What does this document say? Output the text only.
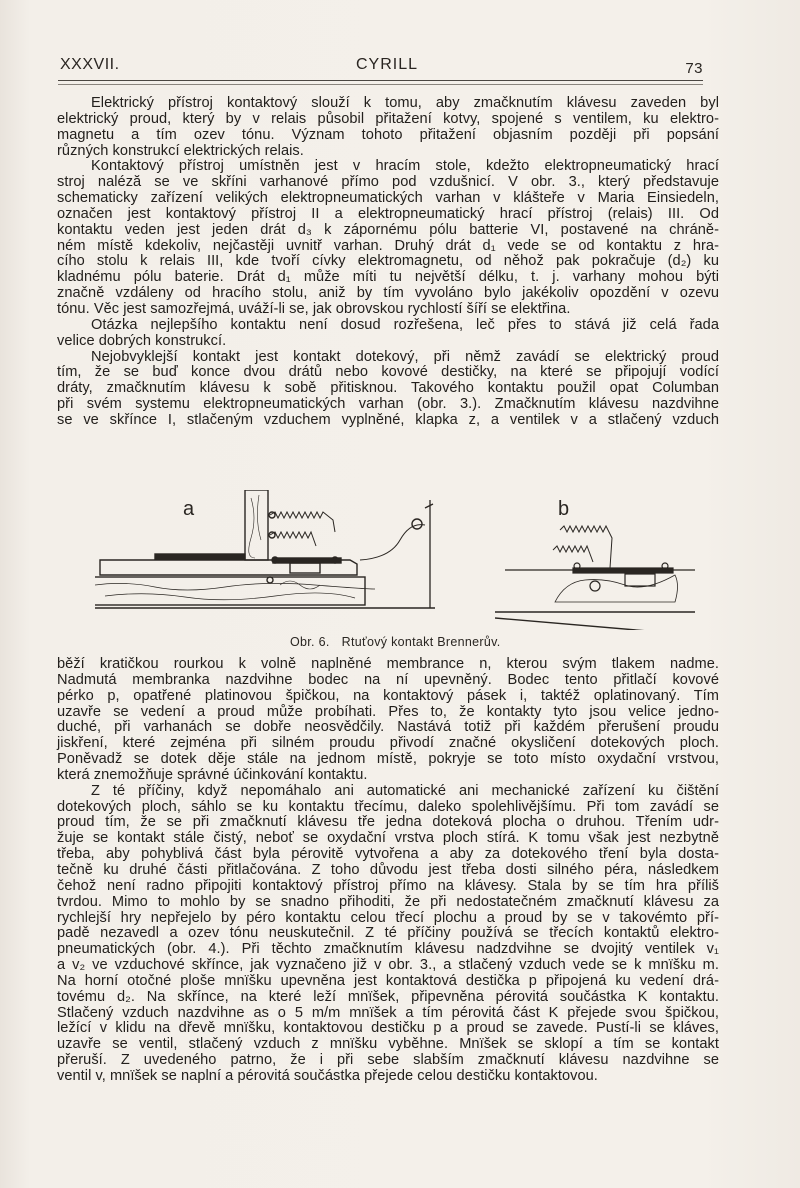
XXXVII.	CYRILL	73
Elektrický přístroj kontaktový slouží k tomu, aby zmačknutím klávesu zaveden byl
elektrický proud, který by v relais působil přitažení kotvy, spojené s ventilem, ku elektro-
magnetu a tím ozev tónu. Význam tohoto přitažení objasním později při popsání
různých konstrukcí elektrických relais.
Kontaktový přístroj umístněn jest v hracím stole, kdežto elektropneumatický hrací
stroj naléză se ve skříni varhanové přímo pod vzdušnicí. V obr. 3., který představuje
schematicky zařízení velikých elektropneumatických varhan v klášteře v Maria Einsiedeln,
označen jest kontaktový přístroj II a elektropneumatický hrací přístroj (relais) III. Od
kontaktu veden jest jeden drát d₃ k zápornému pólu batterie VI, postavené na chráně-
ném místě kdekoliv, nejčastěji uvnitř varhan. Druhý drát d₁ vede se od kontaktu z hra-
cího stolu k relais III, kde tvoří cívky elektromagnetu, od něhož pak pokračuje (d₂) ku
kladnému pólu baterie. Drát d₁ může míti tu největší délku, t. j. varhany mohou býti
značně vzdáleny od hracího stolu, aniž by tím vyvoláno bylo jakékoliv opozdění v ozevu
tónu. Věc jest samozřejmá, uváží-li se, jak obrovskou rychlostí šíří se elektřina.
Otázka nejlepšího kontaktu není dosud rozřešena, leč přes to stává již celá řada
velice dobrých konstrukcí.
Nejobvyklejší kontakt jest kontakt dotekový, při němž zavádí se elektrický proud
tím, že se buď konce dvou drátů nebo kovové destičky, na které se připojují vodící
dráty, zmačknutím klávesu k sobě přitisknou. Takového kontaktu použil opat Columban
při svém systemu elektropneumatických varhan (obr. 3.). Zmačknutím klávesu nazdvihne
se ve skřínce I, stlačeným vzduchem vyplněné, klapka z, a ventilek v a stlačený vzduch
a	b
Obr. 6. Rtuťový kontakt Brennerův.
běží kratičkou rourkou k volně naplněné membrance n, kterou svým tlakem nadme.
Nadmutá membranka nazdvihne bodec na ní upevněný. Bodec tento přitlačí kovové
pérko p, opatřené platinovou špičkou, na kontaktový pásek i, taktéž oplatinovaný. Tím
uzavře se vedení a proud může probíhati. Přes to, že kontakty tyto jsou velice jedno-
duché, při varhanách se dobře neosvědčily. Nastává totiž při každém přerušení proudu
jiskření, které zejména při silném proudu přivodí značné okysličení dotekových ploch.
Poněvadž se dotek děje stále na jednom místě, pokryje se toto místo oxydační vrstvou,
která znemožňuje správné účinkování kontaktu.
Z té příčiny, když nepomáhalo ani automatické ani mechanické zařízení ku čištění
dotekových ploch, sáhlo se ku kontaktu třecímu, daleko spolehlivějšímu. Při tom zavádí se
proud tím, že se při zmačknutí klávesu tře jedna doteková plocha o druhou. Třením udr-
žuje se kontakt stále čistý, neboť se oxydační vrstva ploch stírá. K tomu však jest nezbytně
třeba, aby pohyblivá část byla pérovitě vytvořena a aby za dotekového tření byla dosta-
tečně ku druhé části přitlačována. Z toho důvodu jest třeba dosti silného péra, následkem
čehož není radno připojiti kontaktový přístroj přímo na klávesy. Stala by se tím hra příliš
tvrdou. Mimo to mohlo by se snadno přihoditi, že při nedostatečném zmačknutí klávesu za
rychlejší hry nepřejelo by péro kontaktu celou třecí plochu a proud by se v takovémto pří-
padě nezavedl a ozev tónu neuskutečnil. Z té příčiny používá se třecích kontaktů elektro-
pneumatických (obr. 4.). Při těchto zmačknutím klávesu nadzdvihne se dvojitý ventilek v₁
a v₂ ve vzduchové skřínce, jak vyznačeno již v obr. 3., a stlačený vzduch vede se k mnïšku m.
Na horní otočné ploše mnïšku upevněna jest kontaktová destička p připojená ku vedení drá-
tovému d₂. Na skřínce, na které leží mnïšek, připevněna pérovitá součástka K kontaktu.
Stlačený vzduch nazdvihne as o 5 m/m mnïšek a tím pérovitá část K přejede svou špičkou,
ležící v klidu na dřevě mnïšku, kontaktovou destičku p a proud se zavede. Pustí-li se kláves,
uzavře se ventil, stlačený vzduch z mnïšku vyběhne. Mnïšek se sklopí a tím se kontakt
přeruší. Z uvedeného patrno, že i při sebe slabším zmačknutí klávesu nazdvihne se
ventil v, mnïšek se naplní a pérovitá součástka přejede celou destičku kontaktovou.
